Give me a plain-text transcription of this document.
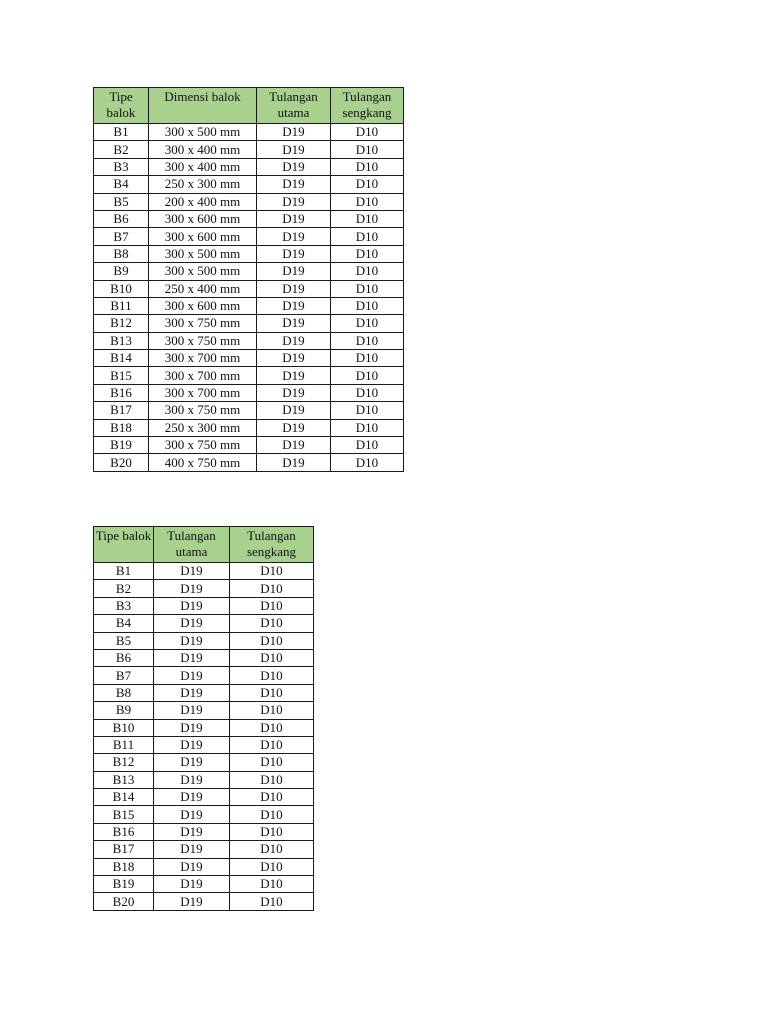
Tipe balok	Dimensi balok	Tulangan utama	Tulangan sengkang
B1	300 x 500 mm	D19	D10
B2	300 x 400 mm	D19	D10
B3	300 x 400 mm	D19	D10
B4	250 x 300 mm	D19	D10
B5	200 x 400 mm	D19	D10
B6	300 x 600 mm	D19	D10
B7	300 x 600 mm	D19	D10
B8	300 x 500 mm	D19	D10
B9	300 x 500 mm	D19	D10
B10	250 x 400 mm	D19	D10
B11	300 x 600 mm	D19	D10
B12	300 x 750 mm	D19	D10
B13	300 x 750 mm	D19	D10
B14	300 x 700 mm	D19	D10
B15	300 x 700 mm	D19	D10
B16	300 x 700 mm	D19	D10
B17	300 x 750 mm	D19	D10
B18	250 x 300 mm	D19	D10
B19	300 x 750 mm	D19	D10
B20	400 x 750 mm	D19	D10
Tipe balok	Tulangan utama	Tulangan sengkang
B1	D19	D10
B2	D19	D10
B3	D19	D10
B4	D19	D10
B5	D19	D10
B6	D19	D10
B7	D19	D10
B8	D19	D10
B9	D19	D10
B10	D19	D10
B11	D19	D10
B12	D19	D10
B13	D19	D10
B14	D19	D10
B15	D19	D10
B16	D19	D10
B17	D19	D10
B18	D19	D10
B19	D19	D10
B20	D19	D10
